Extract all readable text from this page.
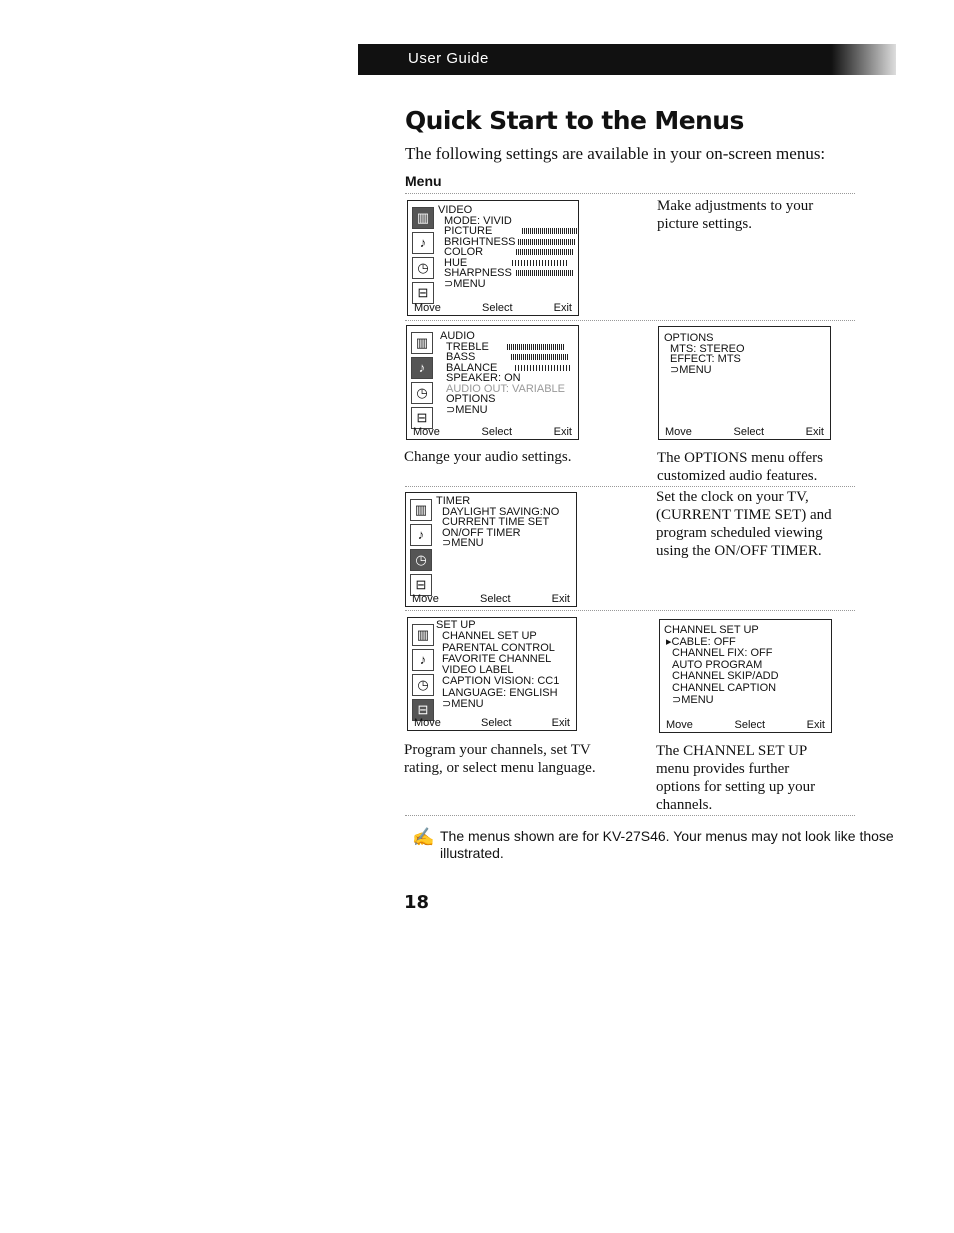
User Guide
Quick Start to the Menus
The following settings are available in your on-screen menus:
Menu
▥
♪
◷
⊟
VIDEO
MODE: VIVID
PICTURE
BRIGHTNESS
COLOR
HUE
SHARPNESS
⊃MENU
Move	Select	Exit
Make adjustments to your picture settings.
▥
♪
◷
⊟
AUDIO
TREBLE
BASS
BALANCE
SPEAKER: ON
AUDIO OUT: VARIABLE
OPTIONS
⊃MENU
Move	Select	Exit
Change your audio settings.
OPTIONS
MTS: STEREO
EFFECT: MTS
⊃MENU
Move	Select	Exit
The OPTIONS menu offers customized audio features.
▥
♪
◷
⊟
TIMER
DAYLIGHT SAVING:NO
CURRENT TIME SET
ON/OFF TIMER
⊃MENU
Move	Select	Exit
Set the clock on your TV, (CURRENT TIME SET) and program scheduled viewing using the ON/OFF TIMER.
▥
♪
◷
⊟
SET UP
CHANNEL SET UP
PARENTAL CONTROL
FAVORITE CHANNEL
VIDEO LABEL
CAPTION VISION: CC1
LANGUAGE: ENGLISH
⊃MENU
Move	Select	Exit
Program your channels, set TV rating, or select menu language.
CHANNEL SET UP
▸CABLE: OFF
CHANNEL FIX: OFF
AUTO PROGRAM
CHANNEL SKIP/ADD
CHANNEL CAPTION
⊃MENU
Move	Select	Exit
The CHANNEL SET UP menu provides further options for setting up your channels.
✍ The menus shown are for KV-27S46. Your menus may not look like those illustrated.
18
